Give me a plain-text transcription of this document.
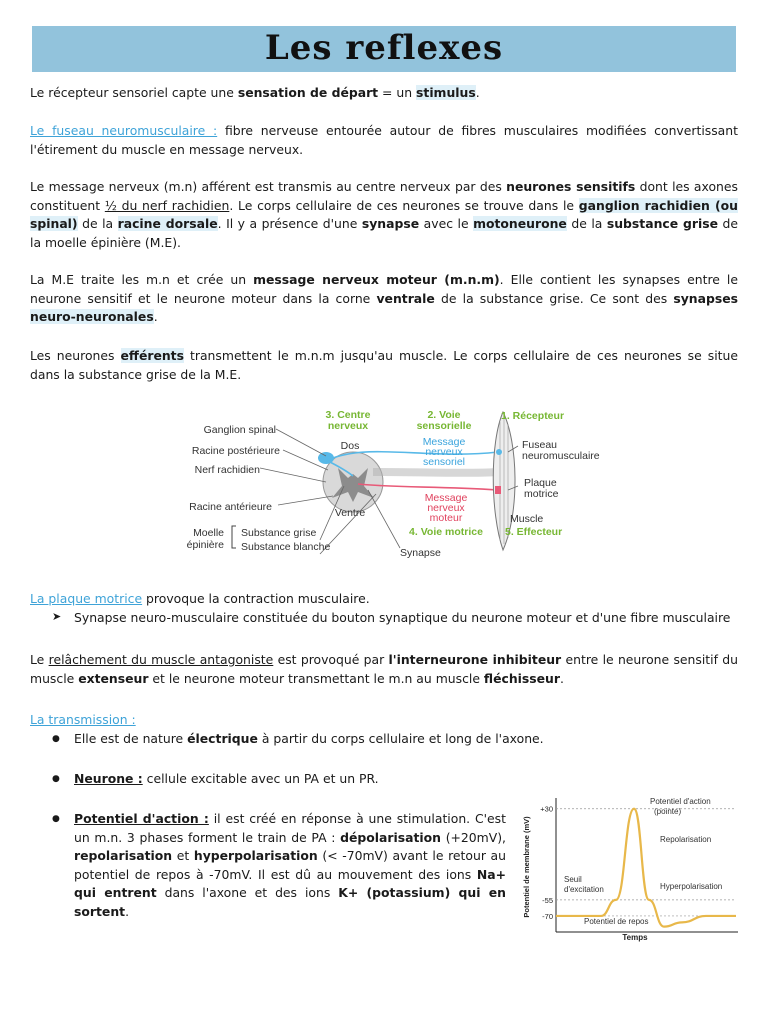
Les reflexes
Le récepteur sensoriel capte une sensation de départ = un stimulus.
Le fuseau neuromusculaire : fibre nerveuse entourée autour de fibres musculaires modifiées convertissant l'étirement du muscle en message nerveux.
Le message nerveux (m.n) afférent est transmis au centre nerveux par des neurones sensitifs dont les axones constituent ½ du nerf rachidien. Le corps cellulaire de ces neurones se trouve dans le ganglion rachidien (ou spinal) de la racine dorsale. Il y a présence d'une synapse avec le motoneurone de la substance grise de la moelle épinière (M.E).
La M.E traite les m.n et crée un message nerveux moteur (m.n.m). Elle contient les synapses entre le neurone sensitif et le neurone moteur dans la corne ventrale de la substance grise. Ce sont des synapses neuro-neuronales.
Les neurones efférents transmettent le m.n.m jusqu'au muscle. Le corps cellulaire de ces neurones se situe dans la substance grise de la M.E.
Ganglion spinal
Racine postérieure
Nerf rachidien
Racine antérieure
Moelle
épinière
Substance grise
Substance blanche
3. Centre
nerveux
Dos
Ventre
2. Voie
sensorielle
Message
nerveux
sensoriel
Message
nerveux
moteur
4. Voie motrice
Synapse
1. Récepteur
Fuseau
neuromusculaire
Plaque
motrice
Muscle
5. Effecteur
La plaque motrice provoque la contraction musculaire.
➤ Synapse neuro-musculaire constituée du bouton synaptique du neurone moteur et d'une fibre musculaire
Le relâchement du muscle antagoniste est provoqué par l'interneurone inhibiteur entre le neurone sensitif du muscle extenseur et le neurone moteur transmettant le m.n au muscle fléchisseur.
La transmission :
● Elle est de nature électrique à partir du corps cellulaire et long de l'axone.
● Neurone : cellule excitable avec un PA et un PR.
● Potentiel d'action : il est créé en réponse à une stimulation. C'est un m.n. 3 phases forment le train de PA : dépolarisation (+20mV), repolarisation et hyperpolarisation (< -70mV) avant le retour au potentiel de repos à -70mV. Il est dû au mouvement des ions Na+ qui entrent dans l'axone et des ions K+ (potassium) qui en sortent.	Potentiel de membrane (mV)
Temps
+30
-55
-70
Potentiel d'action
(pointe)
Repolarisation
Seuil
d'excitation	Hyperpolarisation
Potentiel de repos
